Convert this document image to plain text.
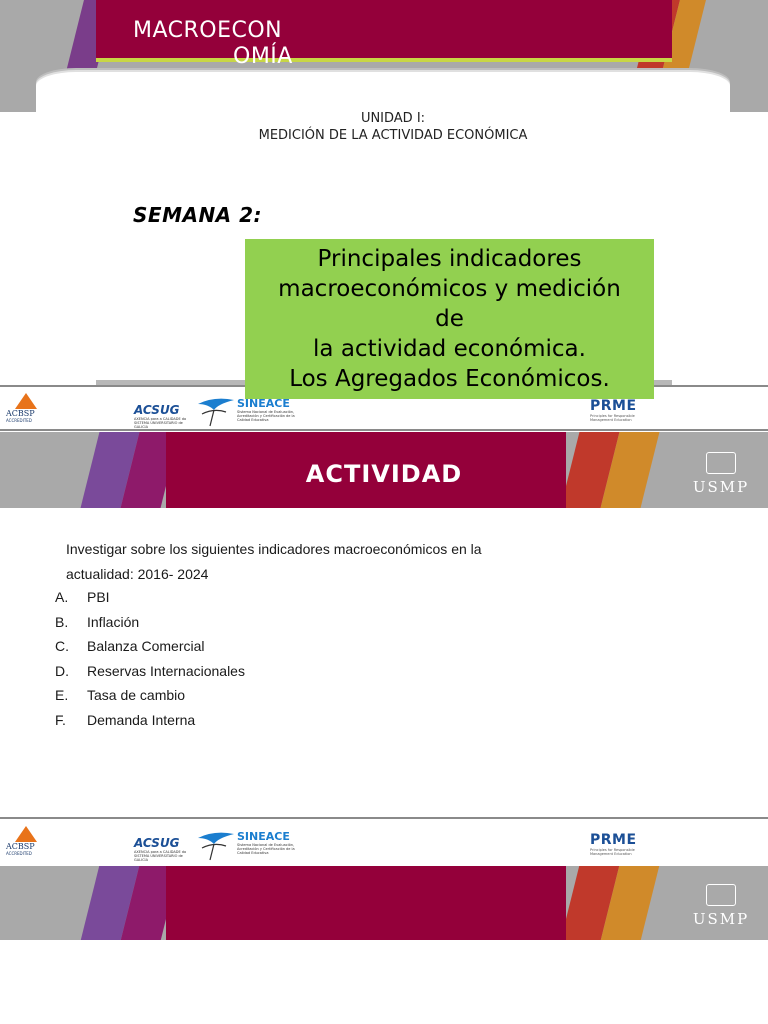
MACROECON
OMÍA
UNIDAD I:
MEDICIÓN DE LA ACTIVIDAD ECONÓMICA
SEMANA 2:
Principales indicadores
macroeconómicos y medición
de
la actividad económica.
Los Agregados Económicos.
ACBSP
ACCREDITED
ACSUG
AXENCIA para a CALIDADE do SISTEMA UNIVERSITARIO de GALICIA
SINEACE
Sistema Nacional de Evaluación, Acreditación y Certificación de la Calidad Educativa
PRME
Principles for Responsible Management Education
ACTIVIDAD	USMP
Investigar sobre los siguientes indicadores macroeconómicos en la actualidad: 2016- 2024
A. PBI
B. Inflación
C. Balanza Comercial
D. Reservas Internacionales
E. Tasa de cambio
F. Demanda Interna
ACBSP
ACCREDITED
ACSUG
AXENCIA para a CALIDADE do SISTEMA UNIVERSITARIO de GALICIA
SINEACE
Sistema Nacional de Evaluación, Acreditación y Certificación de la Calidad Educativa
PRME
Principles for Responsible Management Education
USMP
